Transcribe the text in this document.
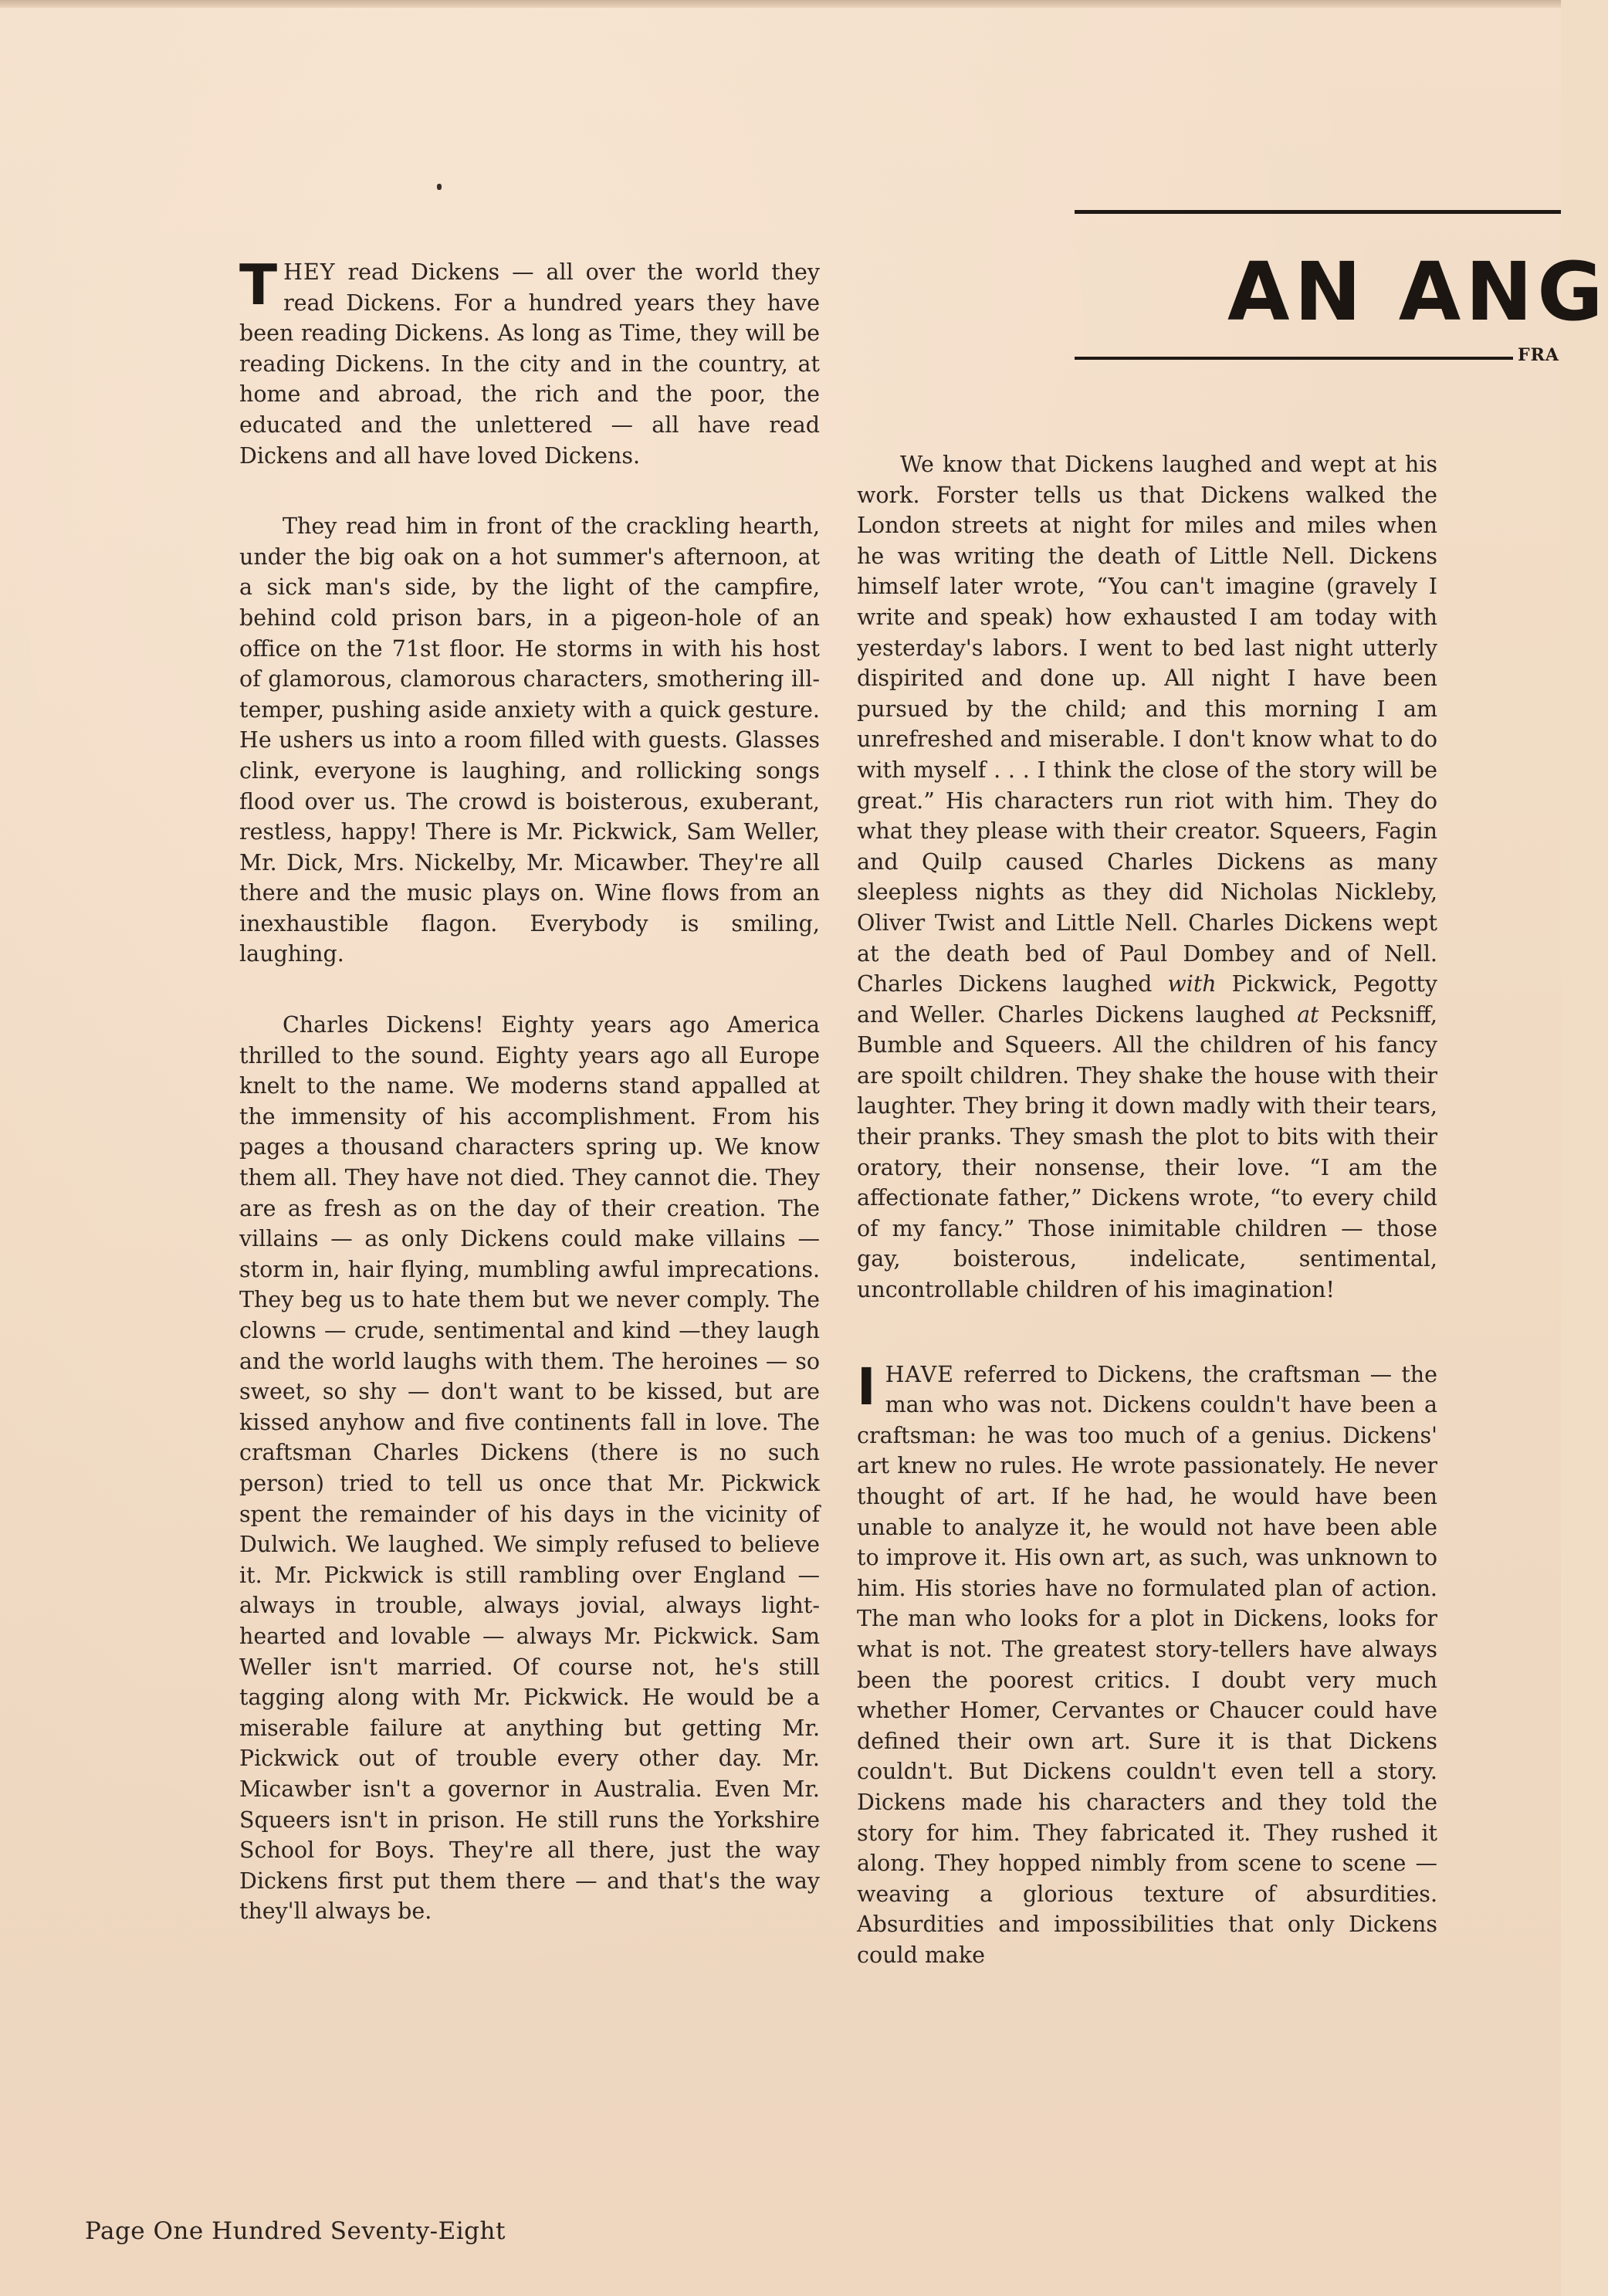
AN ANG
FRA

THEY read Dickens — all over the world they read Dickens. For a hundred years they have been reading Dickens. As long as Time, they will be reading Dickens. In the city and in the country, at home and abroad, the rich and the poor, the educated and the unlettered — all have read Dickens and all have loved Dickens.

They read him in front of the crackling hearth, under the big oak on a hot summer's afternoon, at a sick man's side, by the light of the campfire, behind cold prison bars, in a pigeon-hole of an office on the 71st floor. He storms in with his host of glamorous, clamorous characters, smothering ill-temper, pushing aside anxiety with a quick gesture. He ushers us into a room filled with guests. Glasses clink, everyone is laughing, and rollicking songs flood over us. The crowd is boisterous, exuberant, restless, happy! There is Mr. Pickwick, Sam Weller, Mr. Dick, Mrs. Nickelby, Mr. Micawber. They're all there and the music plays on. Wine flows from an inexhaustible flagon. Everybody is smiling, laughing.

Charles Dickens! Eighty years ago America thrilled to the sound. Eighty years ago all Europe knelt to the name. We moderns stand appalled at the immensity of his accomplishment. From his pages a thousand characters spring up. We know them all. They have not died. They cannot die. They are as fresh as on the day of their creation. The villains — as only Dickens could make villains — storm in, hair flying, mumbling awful imprecations. They beg us to hate them but we never comply. The clowns — crude, sentimental and kind —they laugh and the world laughs with them. The heroines — so sweet, so shy — don't want to be kissed, but are kissed anyhow and five continents fall in love. The craftsman Charles Dickens (there is no such person) tried to tell us once that Mr. Pickwick spent the remainder of his days in the vicinity of Dulwich. We laughed. We simply refused to believe it. Mr. Pickwick is still rambling over England — always in trouble, always jovial, always light-hearted and lovable — always Mr. Pickwick. Sam Weller isn't married. Of course not, he's still tagging along with Mr. Pickwick. He would be a miserable failure at anything but getting Mr. Pickwick out of trouble every other day. Mr. Micawber isn't a governor in Australia. Even Mr. Squeers isn't in prison. He still runs the Yorkshire School for Boys. They're all there, just the way Dickens first put them there — and that's the way they'll always be.

We know that Dickens laughed and wept at his work. Forster tells us that Dickens walked the London streets at night for miles and miles when he was writing the death of Little Nell. Dickens himself later wrote, “You can't imagine (gravely I write and speak) how exhausted I am today with yesterday's labors. I went to bed last night utterly dispirited and done up. All night I have been pursued by the child; and this morning I am unrefreshed and miserable. I don't know what to do with myself . . . I think the close of the story will be great.” His characters run riot with him. They do what they please with their creator. Squeers, Fagin and Quilp caused Charles Dickens as many sleepless nights as they did Nicholas Nickleby, Oliver Twist and Little Nell. Charles Dickens wept at the death bed of Paul Dombey and of Nell. Charles Dickens laughed with Pickwick, Pegotty and Weller. Charles Dickens laughed at Pecksniff, Bumble and Squeers. All the children of his fancy are spoilt children. They shake the house with their laughter. They bring it down madly with their tears, their pranks. They smash the plot to bits with their oratory, their nonsense, their love. “I am the affectionate father,” Dickens wrote, “to every child of my fancy.” Those inimitable children — those gay, boisterous, indelicate, sentimental, uncontrollable children of his imagination!

IHAVE referred to Dickens, the craftsman — the man who was not. Dickens couldn't have been a craftsman: he was too much of a genius. Dickens' art knew no rules. He wrote passionately. He never thought of art. If he had, he would have been unable to analyze it, he would not have been able to improve it. His own art, as such, was unknown to him. His stories have no formulated plan of action. The man who looks for a plot in Dickens, looks for what is not. The greatest story-tellers have always been the poorest critics. I doubt very much whether Homer, Cervantes or Chaucer could have defined their own art. Sure it is that Dickens couldn't. But Dickens couldn't even tell a story. Dickens made his characters and they told the story for him. They fabricated it. They rushed it along. They hopped nimbly from scene to scene — weaving a glorious texture of absurdities. Absurdities and impossibilities that only Dickens could make

Page One Hundred Seventy-Eight
